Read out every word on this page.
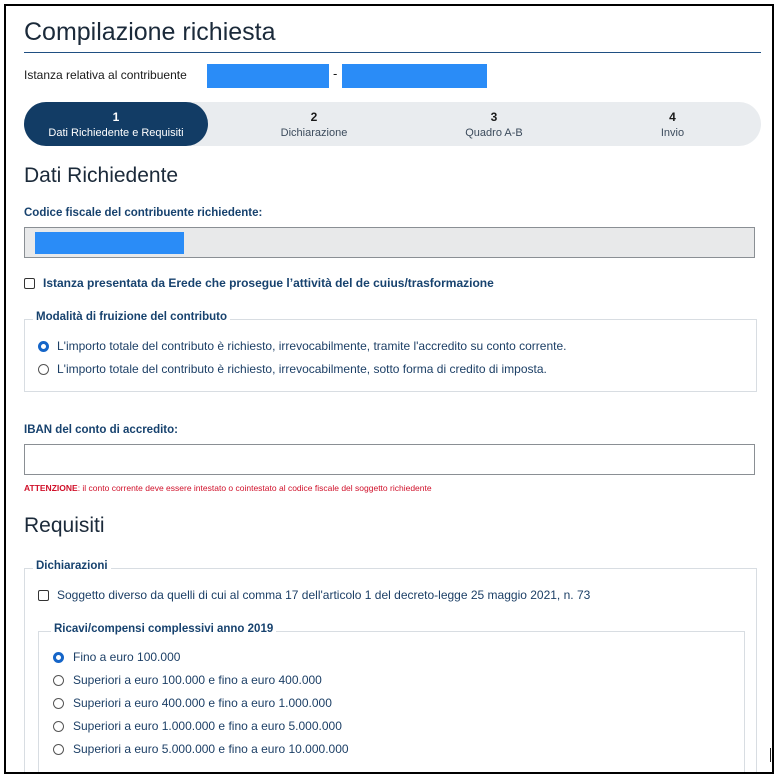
Compilazione richiesta
Istanza relativa al contribuente	-
1
Dati Richiedente e Requisiti
2
Dichiarazione
3
Quadro A-B
4
Invio
Dati Richiedente
Codice fiscale del contribuente richiedente:
Istanza presentata da Erede che prosegue l’attività del de cuius/trasformazione
Modalità di fruizione del contributo
L'importo totale del contributo è richiesto, irrevocabilmente, tramite l'accredito su conto corrente.
L'importo totale del contributo è richiesto, irrevocabilmente, sotto forma di credito di imposta.
IBAN del conto di accredito:
ATTENZIONE: il conto corrente deve essere intestato o cointestato al codice fiscale del soggetto richiedente
Requisiti
Dichiarazioni
Soggetto diverso da quelli di cui al comma 17 dell'articolo 1 del decreto-legge 25 maggio 2021, n. 73
Ricavi/compensi complessivi anno 2019
Fino a euro 100.000
Superiori a euro 100.000 e fino a euro 400.000
Superiori a euro 400.000 e fino a euro 1.000.000
Superiori a euro 1.000.000 e fino a euro 5.000.000
Superiori a euro 5.000.000 e fino a euro 10.000.000
